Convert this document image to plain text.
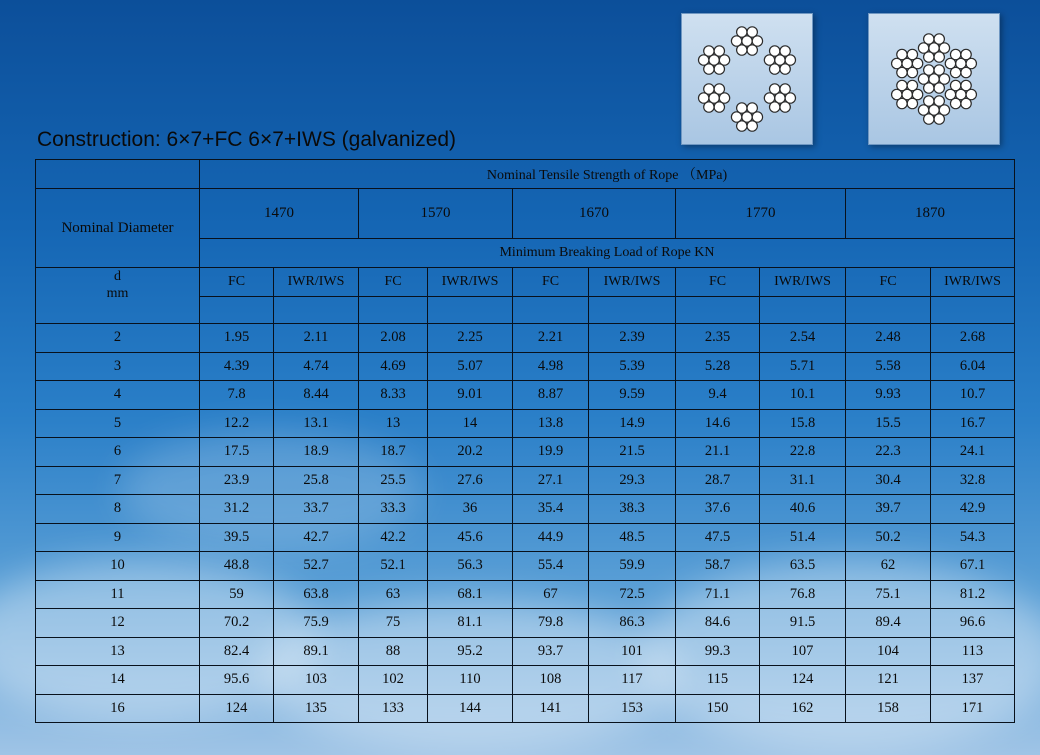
Construction: 6×7+FC 6×7+IWS (galvanized)
	Nominal Tensile Strength of Rope （MPa)									
Nominal Diameter	1470		1570		1670		1770		1870	
	Minimum Breaking Load of Rope KN									
d
mm	FC	IWR/IWS	FC	IWR/IWS	FC	IWR/IWS	FC	IWR/IWS	FC	IWR/IWS

2	1.95	2.11	2.08	2.25	2.21	2.39	2.35	2.54	2.48	2.68
3	4.39	4.74	4.69	5.07	4.98	5.39	5.28	5.71	5.58	6.04
4	7.8	8.44	8.33	9.01	8.87	9.59	9.4	10.1	9.93	10.7
5	12.2	13.1	13	14	13.8	14.9	14.6	15.8	15.5	16.7
6	17.5	18.9	18.7	20.2	19.9	21.5	21.1	22.8	22.3	24.1
7	23.9	25.8	25.5	27.6	27.1	29.3	28.7	31.1	30.4	32.8
8	31.2	33.7	33.3	36	35.4	38.3	37.6	40.6	39.7	42.9
9	39.5	42.7	42.2	45.6	44.9	48.5	47.5	51.4	50.2	54.3
10	48.8	52.7	52.1	56.3	55.4	59.9	58.7	63.5	62	67.1
11	59	63.8	63	68.1	67	72.5	71.1	76.8	75.1	81.2
12	70.2	75.9	75	81.1	79.8	86.3	84.6	91.5	89.4	96.6
13	82.4	89.1	88	95.2	93.7	101	99.3	107	104	113
14	95.6	103	102	110	108	117	115	124	121	137
16	124	135	133	144	141	153	150	162	158	171
